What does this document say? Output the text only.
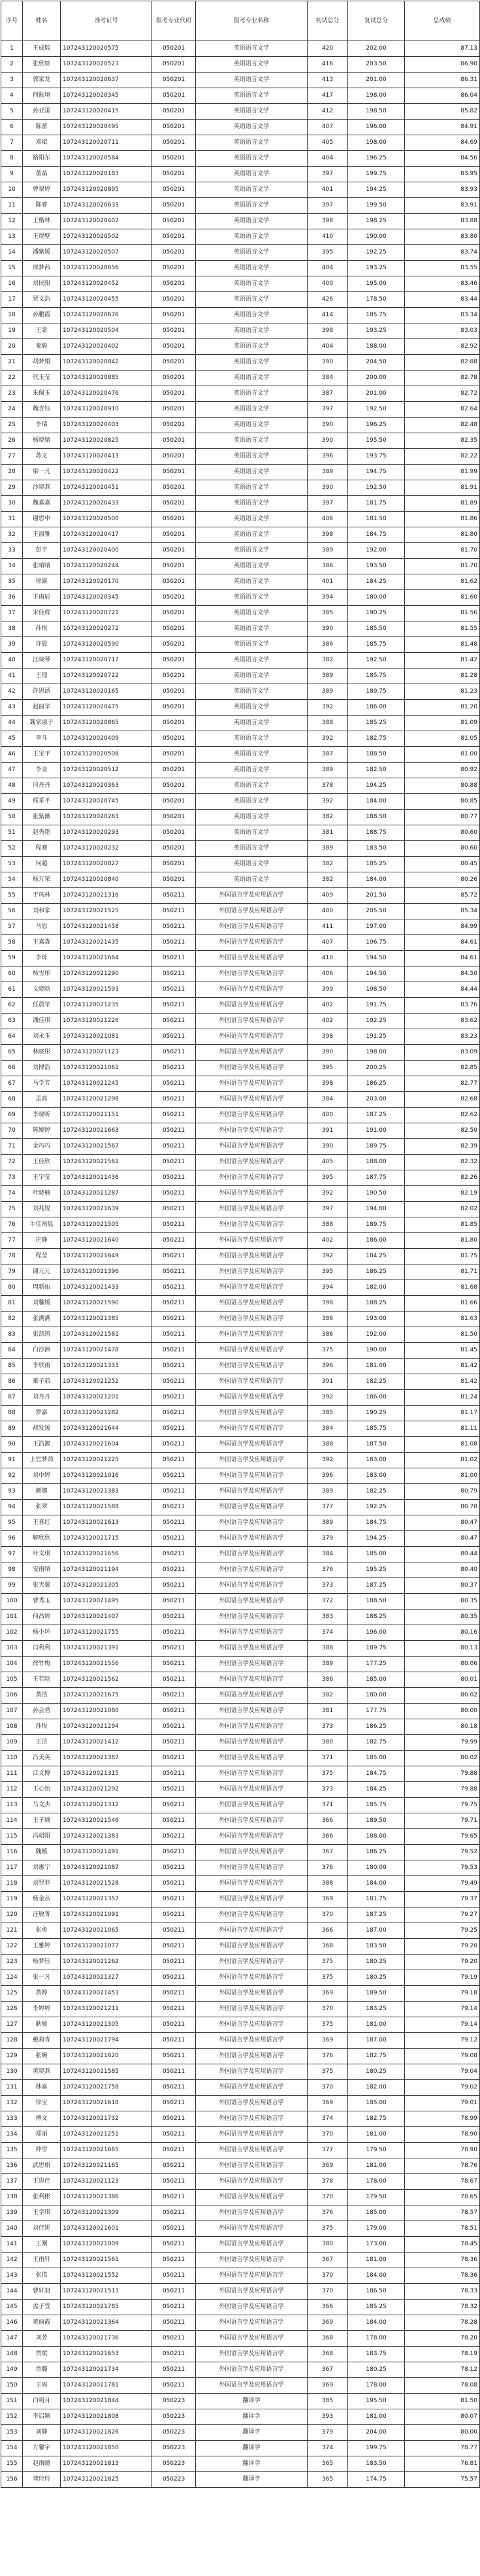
序号	姓名	准考证号	报考专业代码	报考专业名称	初试总分	复试总分	总成绩
1	王成瑞	107243120020575	050201	英语语言文学	420	202.00	87.13
2	张欣妍	107243120020523	050201	英语语言文学	416	203.50	86.90
3	郭家龙	107243120020637	050201	英语语言文学	413	201.00	86.31
4	何振堉	107243120020345	050201	英语语言文学	417	198.00	86.04
5	孙亚雷	107243120020415	050201	英语语言文学	412	198.50	85.82
6	陈蕾	107243120020495	050201	英语语言文学	407	196.00	84.91
7	邓斌	107243120020711	050201	英语语言文学	405	198.00	84.69
8	路阳东	107243120020584	050201	英语语言文学	404	196.25	84.56
9	董晶	107243120020183	050201	英语语言文学	397	199.75	83.95
10	曹翠婷	107243120020895	050201	英语语言文学	401	194.25	83.93
11	陈睿	107243120020633	050201	英语语言文学	397	199.50	83.91
12	王楷林	107243120020407	050201	英语语言文学	398	198.25	83.88
13	王煜壁	107243120020502	050201	英语语言文学	410	190.00	83.80
14	潘紫媛	107243120020507	050201	英语语言文学	395	192.25	83.74
15	邢梦茜	107243120020656	050201	英语语言文学	404	193.25	83.55
16	刘民阳	107243120020452	050201	英语语言文学	400	195.00	83.46
17	贾文浩	107243120020455	050201	英语语言文学	426	178.50	83.44
18	孙鹏霞	107243120020676	050201	英语语言文学	414	185.75	83.34
19	王霏	107243120020504	050201	英语语言文学	398	193.25	83.03
20	秦毅	107243120020402	050201	英语语言文学	404	188.00	82.92
21	胡梦娟	107243120020842	050201	英语语言文学	390	204.50	82.88
22	代玉莹	107243120020885	050201	英语语言文学	384	200.00	82.78
23	朱佩玉	107243120020476	050201	英语语言文学	387	201.00	82.72
24	魏含钰	107243120020910	050201	英语语言文学	397	192.50	82.64
25	李瑞	107243120020403	050201	英语语言文学	390	196.25	82.48
26	杨晓婧	107243120020825	050201	英语语言文学	390	195.50	82.35
27	苏文	107243120020413	050201	英语语言文学	396	193.75	82.22
28	梁一凡	107243120020422	050201	英语语言文学	389	194.75	81.99
29	沙晓燕	107243120020451	050201	英语语言文学	390	192.50	81.91
30	魏嘉嘉	107243120020433	050201	英语语言文学	397	181.75	81.89
31	谢思中	107243120020500	050201	英语语言文学	406	181.50	81.86
32	王淑雅	107243120020417	050201	英语语言文学	398	184.75	81.80
33	彭宇	107243120020400	050201	英语语言文学	389	192.00	81.70
34	张晴晴	107243120020244	050201	英语语言文学	386	193.50	81.70
35	徐露	107243120020170	050201	英语语言文学	401	184.25	81.62
36	王雨辰	107243120020345	050201	英语语言文学	394	180.00	81.60
37	宋佳辉	107243120020721	050201	英语语言文学	385	190.25	81.56
38	孙悦	107243120020272	050201	英语语言文学	390	185.50	81.55
39	许晨	107243120020590	050201	英语语言文学	386	185.75	81.48
40	汪晓琴	107243120020717	050201	英语语言文学	382	192.50	81.42
41	王璟	107243120020722	050201	英语语言文学	389	185.75	81.28
42	许思涵	107243120020165	050201	英语语言文学	389	189.75	81.23
43	赵丽华	107243120020475	050201	英语语言文学	392	186.00	81.20
44	魏家淑子	107243120020865	050201	英语语言文学	388	185.25	81.09
45	李斗	107243120020409	050201	英语语言文学	392	182.75	81.05
46	王宝平	107243120020508	050201	英语语言文学	387	188.50	81.00
47	李金	107243120020512	050201	英语语言文学	389	182.50	80.92
48	闫丹丹	107243120020363	050201	英语语言文学	378	194.25	80.88
49	熊采平	107243120020745	050201	英语语言文学	392	184.00	80.85
50	张紫薇	107243120020263	050201	英语语言文学	382	188.50	80.77
51	赵秀艳	107243120020293	050201	英语语言文学	381	188.75	80.60
52	程赛	107243120020232	050201	英语语言文学	389	183.50	80.60
53	何超	107243120020827	050201	英语语言文学	382	185.25	80.45
54	杨万荣	107243120020840	050201	英语语言文学	382	184.00	80.26
55	于凤林	107243120021316	050211	外国语言学及应用语言学	409	201.50	85.72
56	刘和家	107243120021525	050211	外国语言学及应用语言学	400	205.50	85.34
57	马思	107243120021458	050211	外国语言学及应用语言学	411	197.00	84.99
58	王嘉森	107243120021435	050211	外国语言学及应用语言学	407	196.75	84.61
59	李琦	107243120021664	050211	外国语言学及应用语言学	410	194.50	84.61
60	杨雪彤	107243120021290	050211	外国语言学及应用语言学	406	194.50	84.50
61	文晓晗	107243120021593	050211	外国语言学及应用语言学	399	198.50	84.44
62	任晨华	107243120021235	050211	外国语言学及应用语言学	402	191.75	83.76
63	潘佳琪	107243120021226	050211	外国语言学及应用语言学	402	192.25	83.62
64	刘永玉	107243120021081	050211	外国语言学及应用语言学	398	191.25	83.23
65	林晓彤	107243120021123	050211	外国语言学及应用语言学	390	198.00	83.09
66	刘博浩	107243120021061	050211	外国语言学及应用语言学	395	200.25	82.85
67	马学芳	107243120021245	050211	外国语言学及应用语言学	398	186.25	82.77
68	孟真	107243120021298	050211	外国语言学及应用语言学	384	203.00	82.68
69	李晓昕	107243120021151	050211	外国语言学及应用语言学	400	187.25	82.62
70	陈婉婷	107243120021663	050211	外国语言学及应用语言学	391	191.00	82.50
71	金巧巧	107243120021567	050211	外国语言学及应用语言学	390	189.75	82.39
72	王佳欣	107243120021561	050211	外国语言学及应用语言学	405	188.00	82.32
73	王宇莹	107243120021436	050211	外国语言学及应用语言学	395	187.75	82.26
74	叶晓楠	107243120021287	050211	外国语言学及应用语言学	392	190.50	82.19
75	刘兆锐	107243120021639	050211	外国语言学及应用语言学	397	194.00	82.02
76	牛佳雨晨	107243120021505	050211	外国语言学及应用语言学	388	189.75	81.85
77	庄静	107243120021640	050211	外国语言学及应用语言学	402	186.00	81.80
78	程莹	107243120021649	050211	外国语言学及应用语言学	392	184.25	81.75
79	谢元元	107243120021396	050211	外国语言学及应用语言学	395	186.25	81.71
80	周新佑	107243120021433	050211	外国语言学及应用语言学	394	182.00	81.68
81	刘馨媛	107243120021590	050211	外国语言学及应用语言学	398	188.25	81.66
82	张满满	107243120021385	050211	外国语言学及应用语言学	386	193.00	81.63
83	张凯筠	107243120021581	050211	外国语言学及应用语言学	386	192.00	81.50
84	白沙洲	107243120021478	050211	外国语言学及应用语言学	375	190.00	81.45
85	李欣雨	107243120021333	050211	外国语言学及应用语言学	396	181.00	81.42
86	董子茹	107243120021252	050211	外国语言学及应用语言学	391	182.25	81.42
87	刘丹丹	107243120021201	050211	外国语言学及应用语言学	392	186.00	81.24
88	罗嘉	107243120021282	050211	外国语言学及应用语言学	385	190.25	81.17
89	胡发缓	107243120021644	050211	外国语言学及应用语言学	384	185.75	81.11
90	王浩源	107243120021604	050211	外国语言学及应用语言学	388	187.50	81.08
91	上官梦茵	107243120021225	050211	外国语言学及应用语言学	392	183.00	81.02
92	刘中婷	107243120021016	050211	外国语言学及应用语言学	396	183.00	81.00
93	颜娜	107243120021383	050211	外国语言学及应用语言学	389	182.25	80.79
94	张翠	107243120021588	050211	外国语言学及应用语言学	377	192.25	80.70
95	王喜红	107243120021613	050211	外国语言学及应用语言学	389	184.75	80.47
96	解欣欣	107243120021715	050211	外国语言学及应用语言学	379	194.25	80.47
97	叶文琪	107243120021656	050211	外国语言学及应用语言学	384	185.00	80.44
98	安雨晴	107243120021194	050211	外国语言学及应用语言学	376	195.25	80.40
99	张天翼	107243120021305	050211	外国语言学及应用语言学	373	187.25	80.37
100	曹秀玉	107243120021495	050211	外国语言学及应用语言学	372	188.50	80.35
101	何昌婷	107243120021407	050211	外国语言学及应用语言学	383	188.25	80.35
102	杨小环	107243120021755	050211	外国语言学及应用语言学	374	196.00	80.16
103	闫利利	107243120021391	050211	外国语言学及应用语言学	388	189.75	80.13
104	徐竹梅	107243120021556	050211	外国语言学及应用语言学	389	177.25	80.06
105	王若晗	107243120021562	050211	外国语言学及应用语言学	386	185.00	80.01
106	黄浩	107243120021675	050211	外国语言学及应用语言学	382	180.00	80.02
107	孙会君	107243120021080	050211	外国语言学及应用语言学	381	177.75	80.00
108	孙悦	107243120021294	050211	外国语言学及应用语言学	373	186.25	80.18
109	王洁	107243120021412	050211	外国语言学及应用语言学	380	182.75	79.99
110	冯美英	107243120021387	050211	外国语言学及应用语言学	371	185.00	80.02
111	江文博	107243120021315	050211	外国语言学及应用语言学	375	184.75	79.88
112	王心怡	107243120021292	050211	外国语言学及应用语言学	373	184.25	79.88
113	马文杰	107243120021312	050211	外国语言学及应用语言学	371	185.75	79.75
114	王子瑜	107243120021546	050211	外国语言学及应用语言学	366	189.50	79.71
115	冯昭阳	107243120021383	050211	外国语言学及应用语言学	366	188.00	79.65
116	魏媛	107243120021491	050211	外国语言学及应用语言学	367	186.25	79.52
117	刘惠宁	107243120021087	050211	外国语言学及应用语言学	376	180.00	79.53
118	刘翌菲	107243120021528	050211	外国语言学及应用语言学	388	184.00	79.49
119	杨金丛	107243120021357	050211	外国语言学及应用语言学	369	181.75	79.37
120	汪敏菁	107243120021091	050211	外国语言学及应用语言学	370	187.25	79.27
121	张勇	107243120021065	050211	外国语言学及应用语言学	366	187.00	79.25
122	王雅婷	107243120021077	050211	外国语言学及应用语言学	368	183.50	79.20
123	杨梦钰	107243120021262	050211	外国语言学及应用语言学	375	180.25	79.20
124	张一凡	107243120021327	050211	外国语言学及应用语言学	375	180.25	79.19
125	黄婷	107243120021453	050211	外国语言学及应用语言学	369	189.50	79.18
126	李婷婷	107243120021211	050211	外国语言学及应用语言学	370	183.25	79.14
127	耿敏	107243120021305	050211	外国语言学及应用语言学	375	181.00	79.14
128	戴莉青	107243120021794	050211	外国语言学及应用语言学	369	187.00	79.12
129	张婉	107243120021620	050211	外国语言学及应用语言学	376	182.75	79.08
130	黄晓燕	107243120021585	050211	外国语言学及应用语言学	375	180.25	79.04
131	林嘉	107243120021758	050211	外国语言学及应用语言学	370	182.00	79.02
132	徐宝	107243120021618	050211	外国语言学及应用语言学	369	185.00	79.01
133	傅文	107243120021732	050211	外国语言学及应用语言学	374	182.75	78.99
134	郑丽	107243120021251	050211	外国语言学及应用语言学	370	181.00	78.90
135	仲雪	107243120021665	050211	外国语言学及应用语言学	377	179.50	78.90
136	武思娟	107243120021165	050211	外国语言学及应用语言学	369	181.00	78.76
137	王思佳	107243120021123	050211	外国语言学及应用语言学	378	178.00	78.67
138	张利彬	107243120021386	050211	外国语言学及应用语言学	370	179.50	78.65
139	王学琪	107243120021309	050211	外国语言学及应用语言学	376	185.00	78.57
140	刘佳妮	107243120021601	050211	外国语言学及应用语言学	375	179.00	78.51
141	王刚	107243120021009	050211	外国语言学及应用语言学	380	173.00	78.45
142	王雨轩	107243120021561	050211	外国语言学及应用语言学	367	181.00	78.36
143	张伟	107243120021552	050211	外国语言学及应用语言学	370	184.00	78.36
144	曹轩羽	107243120021513	050211	外国语言学及应用语言学	370	186.50	78.33
145	孟子萱	107243120021785	050211	外国语言学及应用语言学	366	185.25	78.32
146	黄丽霞	107243120021364	050211	外国语言学及应用语言学	369	184.00	78.28
147	刘芳	107243120021736	050211	外国语言学及应用语言学	368	178.00	78.20
148	贾斌	107243120021653	050211	外国语言学及应用语言学	368	183.75	78.19
149	贾璐	107243120021734	050211	外国语言学及应用语言学	367	180.25	78.12
150	王雨	107243120021781	050211	外国语言学及应用语言学	369	178.00	78.08
151	白明月	107243120021844	050223	翻译学	385	195.50	81.50
152	李启颖	107243120021808	050223	翻译学	393	181.00	80.07
153	刘静	107243120021826	050223	翻译学	379	204.00	80.00
154	方馨宇	107243120021850	050223	翻译学	374	199.75	78.77
155	赵雨瞳	107243120021813	050223	翻译学	365	183.50	76.81
156	龚玲玲	107243120021825	050223	翻译学	365	174.75	75.57
